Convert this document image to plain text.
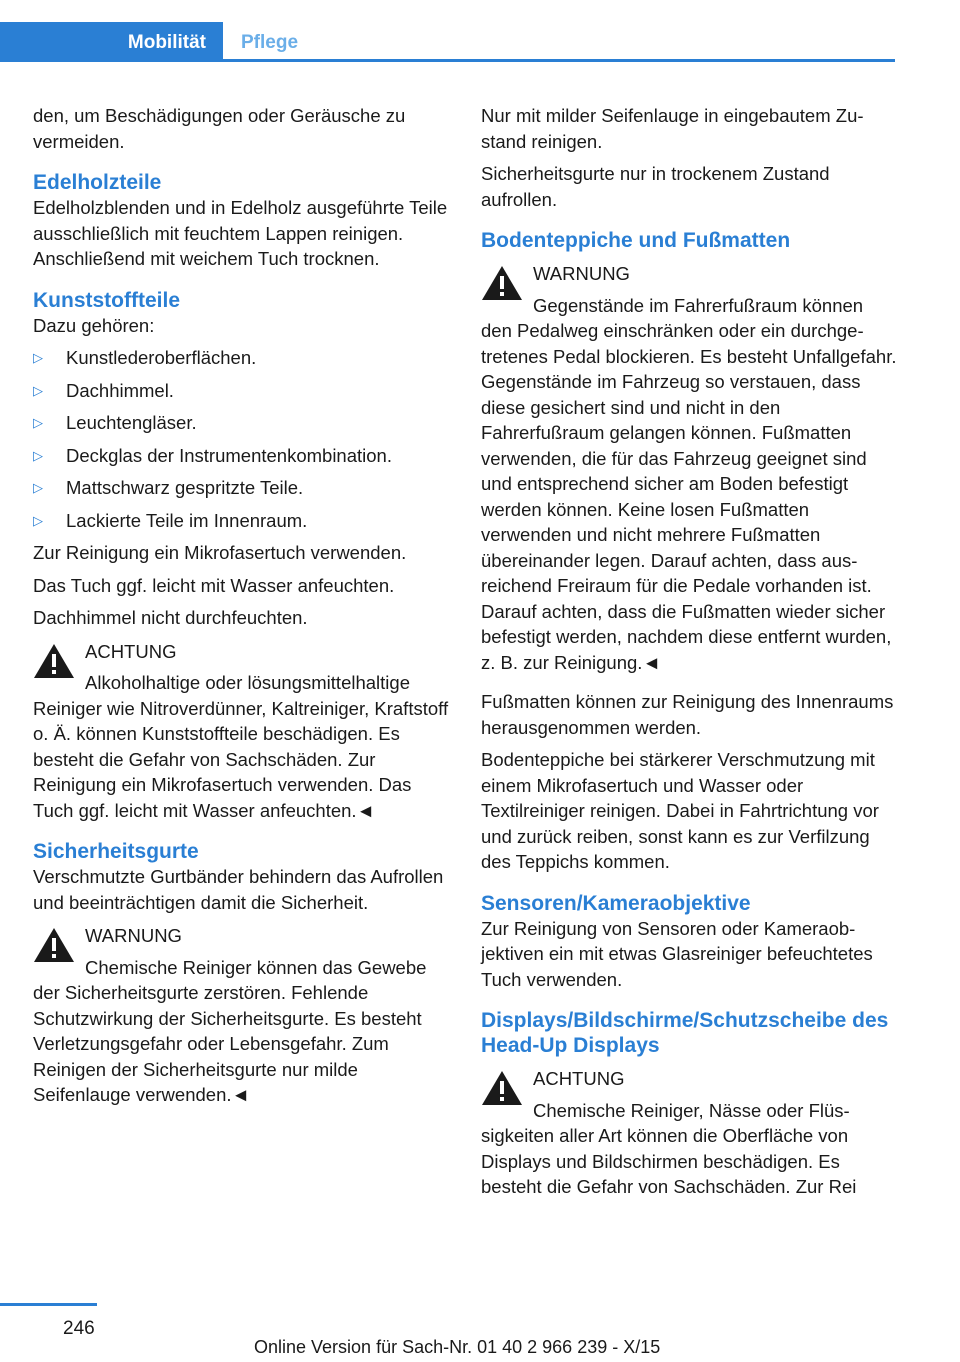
Mobilität Pflege

den, um Beschädigungen oder Geräusche zu vermeiden.

Edelholzteile

Edelholzblenden und in Edelholz ausgeführte Teile ausschließlich mit feuchtem Lappen reinigen. Anschließend mit weichem Tuch trocknen.

Kunststoffteile

Dazu gehören:

▷ Kunstlederoberflächen.
▷ Dachhimmel.
▷ Leuchtengläser.
▷ Deckglas der Instrumentenkombination.
▷ Mattschwarz gespritzte Teile.
▷ Lackierte Teile im Innenraum.

Zur Reinigung ein Mikrofasertuch verwenden.

Das Tuch ggf. leicht mit Wasser anfeuchten.

Dachhimmel nicht durchfeuchten.

ACHTUNG
Alkoholhaltige oder lösungsmittelhaltige Reiniger wie Nitroverdünner, Kaltreiniger, Kraftstoff o. Ä. können Kunststoffteile beschädigen. Es besteht die Gefahr von Sachschäden. Zur Reinigung ein Mikrofasertuch verwenden. Das Tuch ggf. leicht mit Wasser anfeuchten.◄
Sicherheitsgurte

Verschmutzte Gurtbänder behindern das Aufrollen und beeinträchtigen damit die Sicherheit.

WARNUNG
Chemische Reiniger können das Gewebe der Sicherheitsgurte zerstören. Fehlende Schutzwirkung der Sicherheitsgurte. Es besteht Verletzungsgefahr oder Lebensgefahr. Zum Reinigen der Sicherheitsgurte nur milde Seifenlauge verwenden.◄

Nur mit milder Seifenlauge in eingebautem Zustand reinigen.

Sicherheitsgurte nur in trockenem Zustand aufrollen.

Bodenteppiche und Fußmatten
WARNUNG
Gegenstände im Fahrerfußraum können den Pedalweg einschränken oder ein durchgetretenes Pedal blockieren. Es besteht Unfallgefahr. Gegenstände im Fahrzeug so verstauen, dass diese gesichert sind und nicht in den Fahrerfußraum gelangen können. Fußmatten verwenden, die für das Fahrzeug geeignet sind und entsprechend sicher am Boden befestigt werden können. Keine losen Fußmatten verwenden und nicht mehrere Fußmatten übereinander legen. Darauf achten, dass ausreichend Freiraum für die Pedale vorhanden ist. Darauf achten, dass die Fußmatten wieder sicher befestigt werden, nachdem diese entfernt wurden, z. B. zur Reinigung.◄

Fußmatten können zur Reinigung des Innenraums herausgenommen werden.

Bodenteppiche bei stärkerer Verschmutzung mit einem Mikrofasertuch und Wasser oder Textilreiniger reinigen. Dabei in Fahrtrichtung vor und zurück reiben, sonst kann es zur Verfilzung des Teppichs kommen.

Sensoren/Kameraobjektive

Zur Reinigung von Sensoren oder Kameraobjektiven ein mit etwas Glasreiniger befeuchtetes Tuch verwenden.

Displays/Bildschirme/Schutzscheibe des Head-Up Displays
ACHTUNG
Chemische Reiniger, Nässe oder Flüssigkeiten aller Art können die Oberfläche von Displays und Bildschirmen beschädigen. Es besteht die Gefahr von Sachschäden. Zur Rei
246
Online Version für Sach-Nr. 01 40 2 966 239 - X/15
